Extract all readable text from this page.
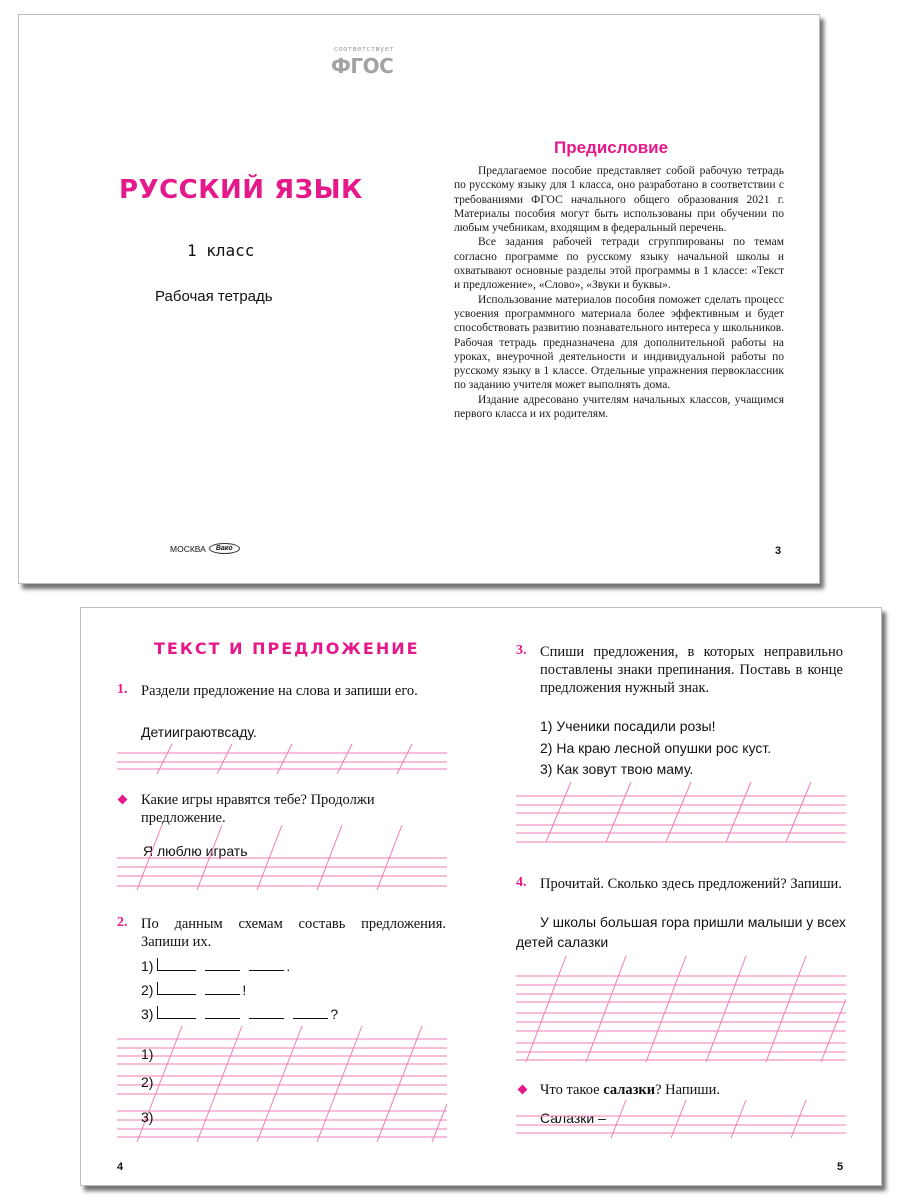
соответствует
ФГОС
РУССКИЙ ЯЗЫК
1 класс
Рабочая тетрадь
МОСКВА	Вако
Предисловие

Предлагаемое пособие представляет собой рабочую тетрадь по русскому языку для 1 класса, оно разработано в соответствии с требованиями ФГОС начального общего образования 2021 г. Материалы пособия могут быть использованы при обучении по любым учебникам, входящим в федеральный перечень.

Все задания рабочей тетради сгруппированы по темам согласно программе по русскому языку начальной школы и охватывают основные разделы этой программы в 1 классе: «Текст и предложение», «Слово», «Звуки и буквы».

Использование материалов пособия поможет сделать процесс усвоения программного материала более эффективным и будет способствовать развитию познавательного интереса у школьников. Рабочая тетрадь предназначена для дополнительной работы на уроках, внеурочной деятельности и индивидуальной работы по русскому языку в 1 классе. Отдельные упражнения первоклассник по заданию учителя может выполнять дома.

Издание адресовано учителям начальных классов, учащимся первого класса и их родителям.

3
ТЕКСТ И ПРЕДЛОЖЕНИЕ
1. Раздели предложение на слова и запиши его.
Детииграютвсаду.
Какие игры нравятся тебе? Продолжи предложение.
Я люблю играть
2. По данным схемам составь предложения. Запиши их.
1)	.
2)	!
3)	?
1)
2)
3)
4
3. Спиши предложения, в которых неправильно поставлены знаки препинания. Поставь в конце предложения нужный знак.
1) Ученики посадили розы!
2) На краю лесной опушки рос куст.
3) Как зовут твою маму.
4. Прочитай. Сколько здесь предложений? Запиши.
У школы большая гора пришли малыши у всех детей салазки
Что такое салазки? Напиши.
Салазки –
5
